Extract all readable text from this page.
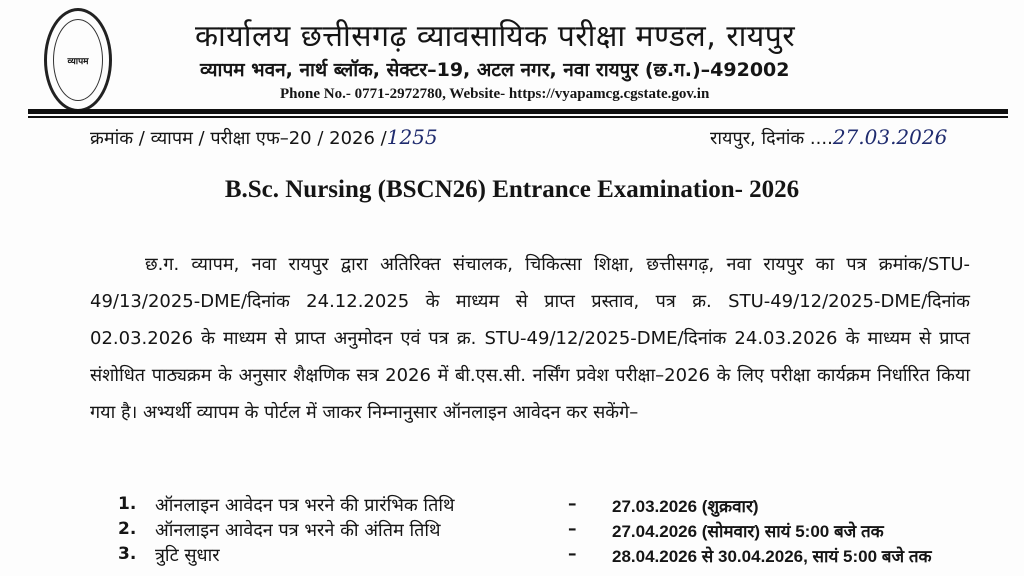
व्यापम
कार्यालय छत्तीसगढ़ व्यावसायिक परीक्षा मण्डल, रायपुर
व्यापम भवन, नार्थ ब्लॉक, सेक्टर–19, अटल नगर, नवा रायपुर (छ.ग.)–492002
Phone No.- 0771-2972780, Website- https://vyapamcg.cgstate.gov.in
क्रमांक / व्यापम / परीक्षा एफ–20 / 2026 /1255	रायपुर, दिनांक ....27.03.2026
B.Sc. Nursing (BSCN26) Entrance Examination- 2026
छ.ग. व्यापम, नवा रायपुर द्वारा अतिरिक्त संचालक, चिकित्सा शिक्षा, छत्तीसगढ़, नवा रायपुर का पत्र क्रमांक/STU-49/13/2025-DME/दिनांक 24.12.2025 के माध्यम से प्राप्त प्रस्ताव, पत्र क्र. STU-49/12/2025-DME/दिनांक 02.03.2026 के माध्यम से प्राप्त अनुमोदन एवं पत्र क्र. STU-49/12/2025-DME/दिनांक 24.03.2026 के माध्यम से प्राप्त संशोधित पाठ्यक्रम के अनुसार शैक्षणिक सत्र 2026 में बी.एस.सी. नर्सिंग प्रवेश परीक्षा–2026 के लिए परीक्षा कार्यक्रम निर्धारित किया गया है। अभ्यर्थी व्यापम के पोर्टल में जाकर निम्नानुसार ऑनलाइन आवेदन कर सकेंगे–
1. ऑनलाइन आवेदन पत्र भरने की प्रारंभिक तिथि	– 27.03.2026 (शुक्रवार)
2. ऑनलाइन आवेदन पत्र भरने की अंतिम तिथि	– 27.04.2026 (सोमवार) सायं 5:00 बजे तक
3. त्रुटि सुधार	– 28.04.2026 से 30.04.2026, सायं 5:00 बजे तक
